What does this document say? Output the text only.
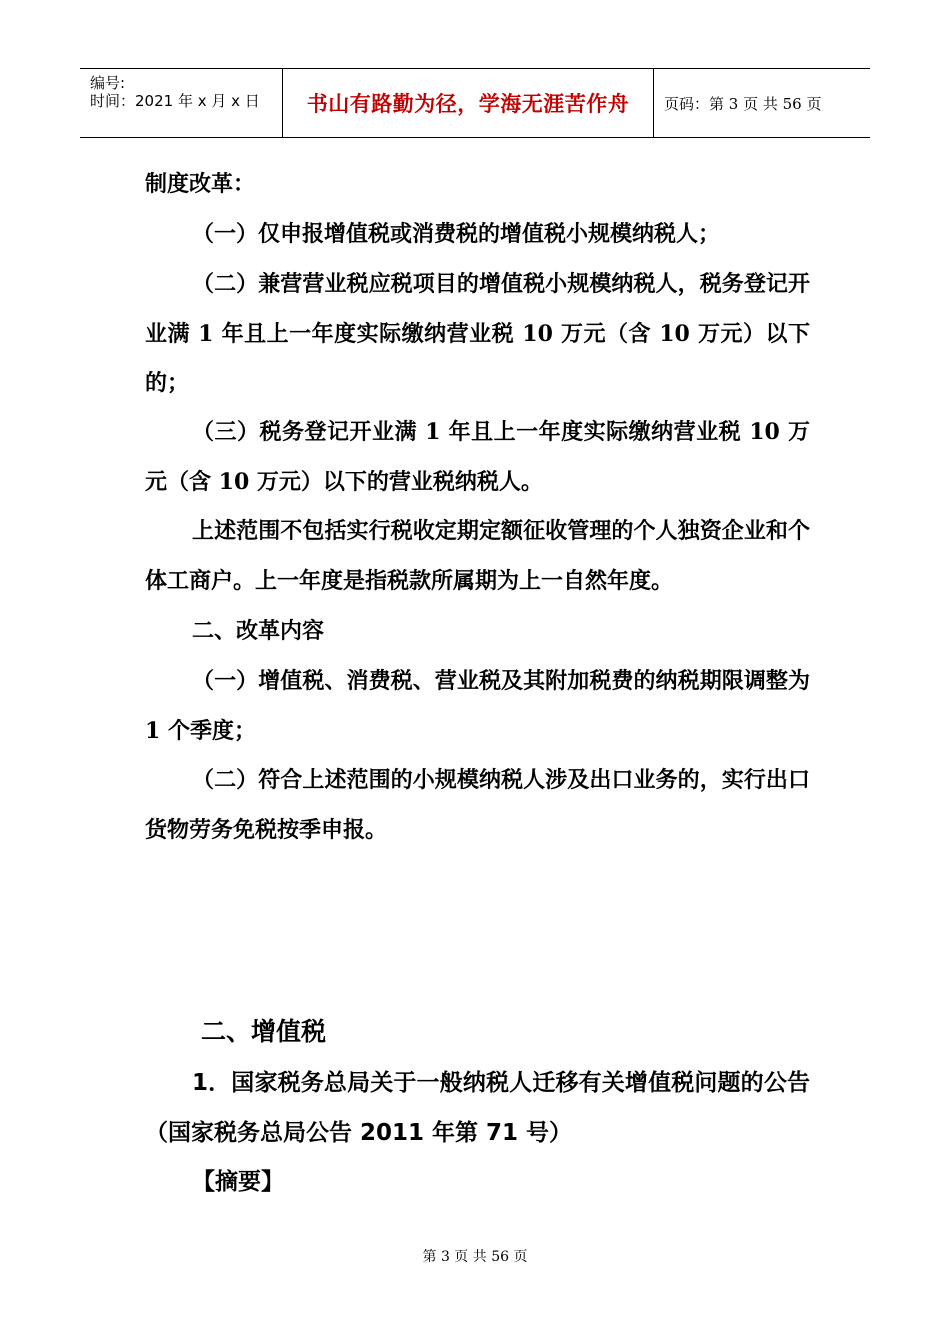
编号:
时间：2021 年 x 月 x 日 书山有路勤为径，学海无涯苦作舟 页码：第 3 页 共 56 页
制度改革：
（一）仅申报增值税或消费税的增值税小规模纳税人；
（二）兼营营业税应税项目的增值税小规模纳税人，税务登记开业满 1 年且上一年度实际缴纳营业税 10 万元（含 10 万元）以下的；
（三）税务登记开业满 1 年且上一年度实际缴纳营业税 10 万元（含 10 万元）以下的营业税纳税人。
上述范围不包括实行税收定期定额征收管理的个人独资企业和个体工商户。上一年度是指税款所属期为上一自然年度。
二、改革内容
（一）增值税、消费税、营业税及其附加税费的纳税期限调整为 1 个季度；
（二）符合上述范围的小规模纳税人涉及出口业务的，实行出口货物劳务免税按季申报。
二、增值税
1．国家税务总局关于一般纳税人迁移有关增值税问题的公告（国家税务总局公告 2011 年第 71 号）
【摘要】
第 3 页 共 56 页
